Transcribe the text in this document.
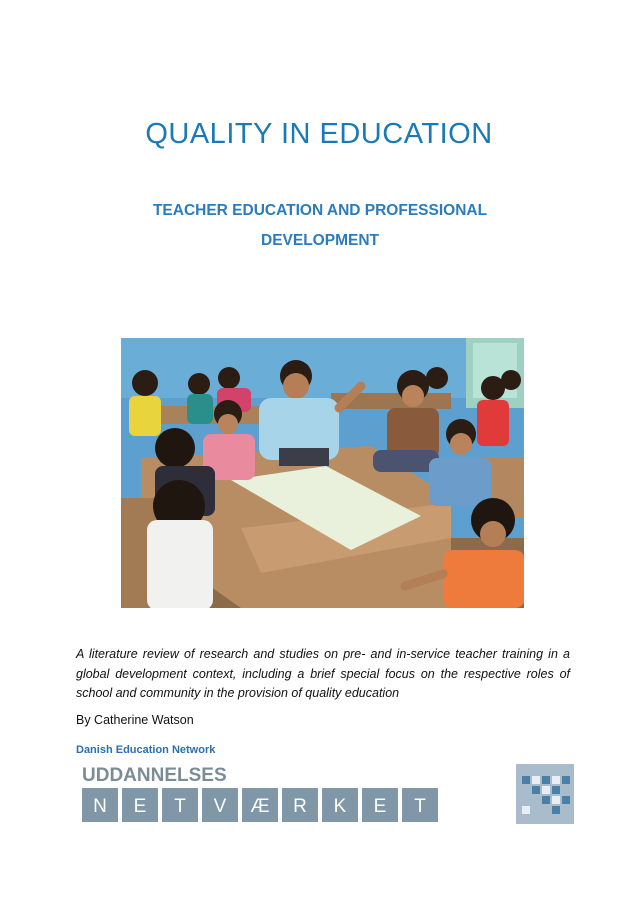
QUALITY IN EDUCATION

TEACHER EDUCATION AND PROFESSIONAL DEVELOPMENT

A literature review of research and studies on pre- and in-service teacher training in a global development context, including a brief special focus on the respective roles of school and community in the provision of quality education

By Catherine Watson

Danish Education Network

UDDANNELSES
N E T V Æ R K E T
